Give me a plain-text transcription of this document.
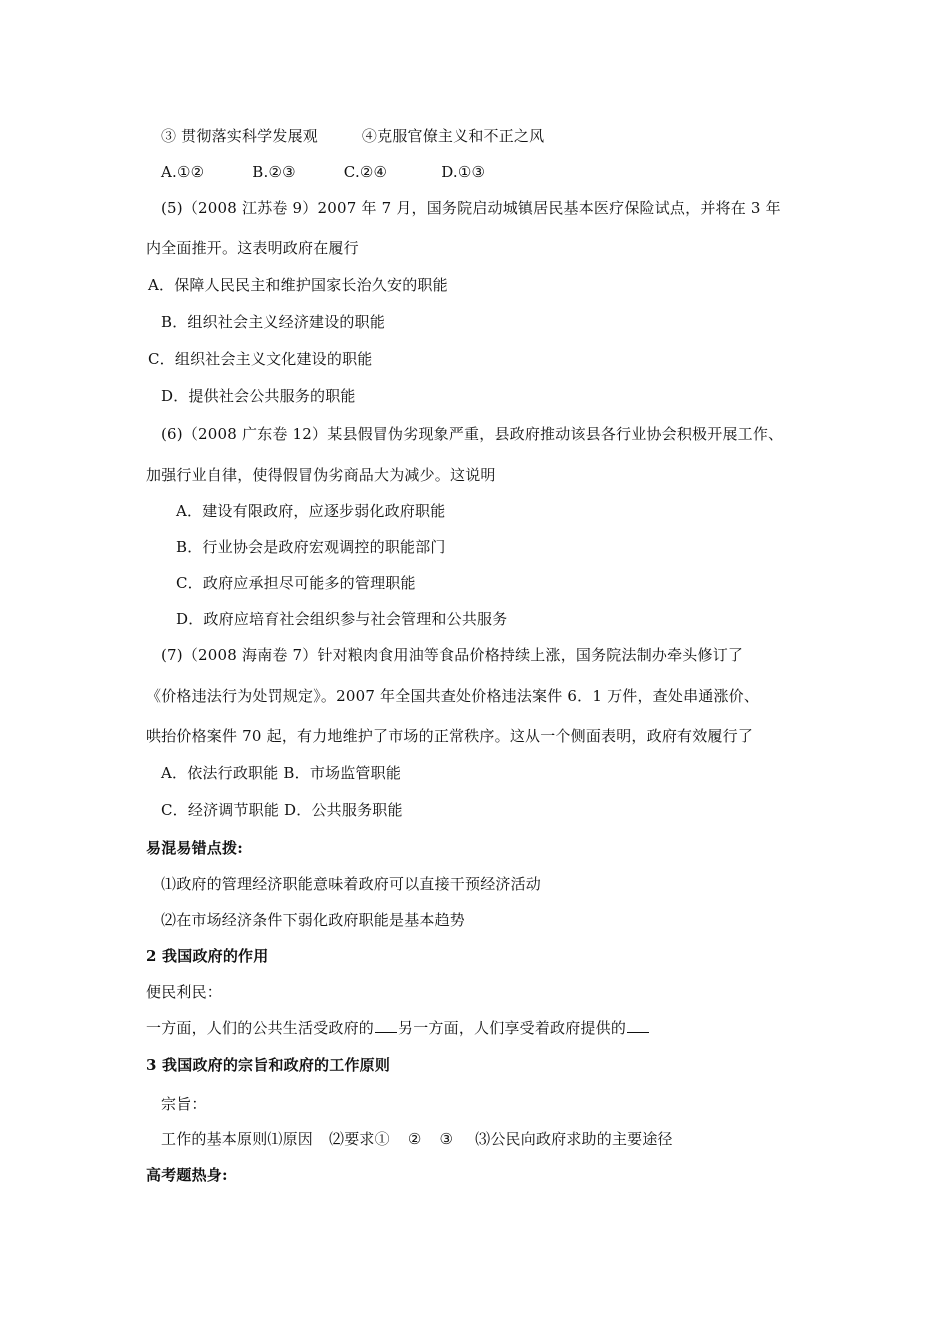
③ 贯彻落实科学发展观	④克服官僚主义和不正之风
A.①②	B.②③	C.②④	D.①③
(5)（2008 江苏卷 9）2007 年 7 月，国务院启动城镇居民基本医疗保险试点，并将在 3 年
内全面推开。这表明政府在履行
A．保障人民民主和维护国家长治久安的职能
B．组织社会主义经济建设的职能
C．组织社会主义文化建设的职能
D．提供社会公共服务的职能
(6)（2008 广东卷 12）某县假冒伪劣现象严重，县政府推动该县各行业协会积极开展工作、
加强行业自律，使得假冒伪劣商品大为减少。这说明
A．建设有限政府，应逐步弱化政府职能
B．行业协会是政府宏观调控的职能部门
C．政府应承担尽可能多的管理职能
D．政府应培育社会组织参与社会管理和公共服务
(7)（2008 海南卷 7）针对粮肉食用油等食品价格持续上涨，国务院法制办牵头修订了
《价格违法行为处罚规定》。2007 年全国共查处价格违法案件 6．1 万件，查处串通涨价、
哄抬价格案件 70 起，有力地维护了市场的正常秩序。这从一个侧面表明，政府有效履行了
A．依法行政职能 B．市场监管职能
C．经济调节职能 D．公共服务职能
易混易错点拨:
⑴政府的管理经济职能意味着政府可以直接干预经济活动
⑵在市场经济条件下弱化政府职能是基本趋势
2 我国政府的作用
便民利民：
一方面，人们的公共生活受政府的 另一方面，人们享受着政府提供的
3 我国政府的宗旨和政府的工作原则
宗旨：
工作的基本原则⑴原因 ⑵要求① ② ③ ⑶公民向政府求助的主要途径
高考题热身:
